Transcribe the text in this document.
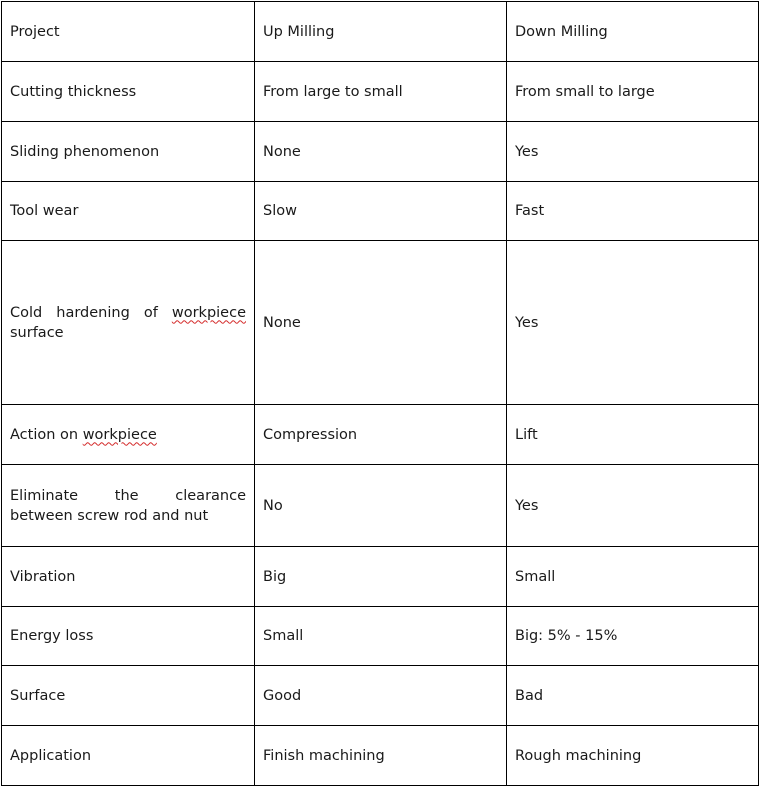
Project	Up Milling	Down Milling
Cutting thickness	From large to small	From small to large
Sliding phenomenon	None	Yes
Tool wear	Slow	Fast

Cold hardening of workpiece surface	None	Yes
Action on workpiece	Compression	Lift
Eliminate the clearance between screw rod and nut	No	Yes
Vibration	Big	Small
Energy loss	Small	Big: 5% - 15%
Surface	Good	Bad
Application	Finish machining	Rough machining
